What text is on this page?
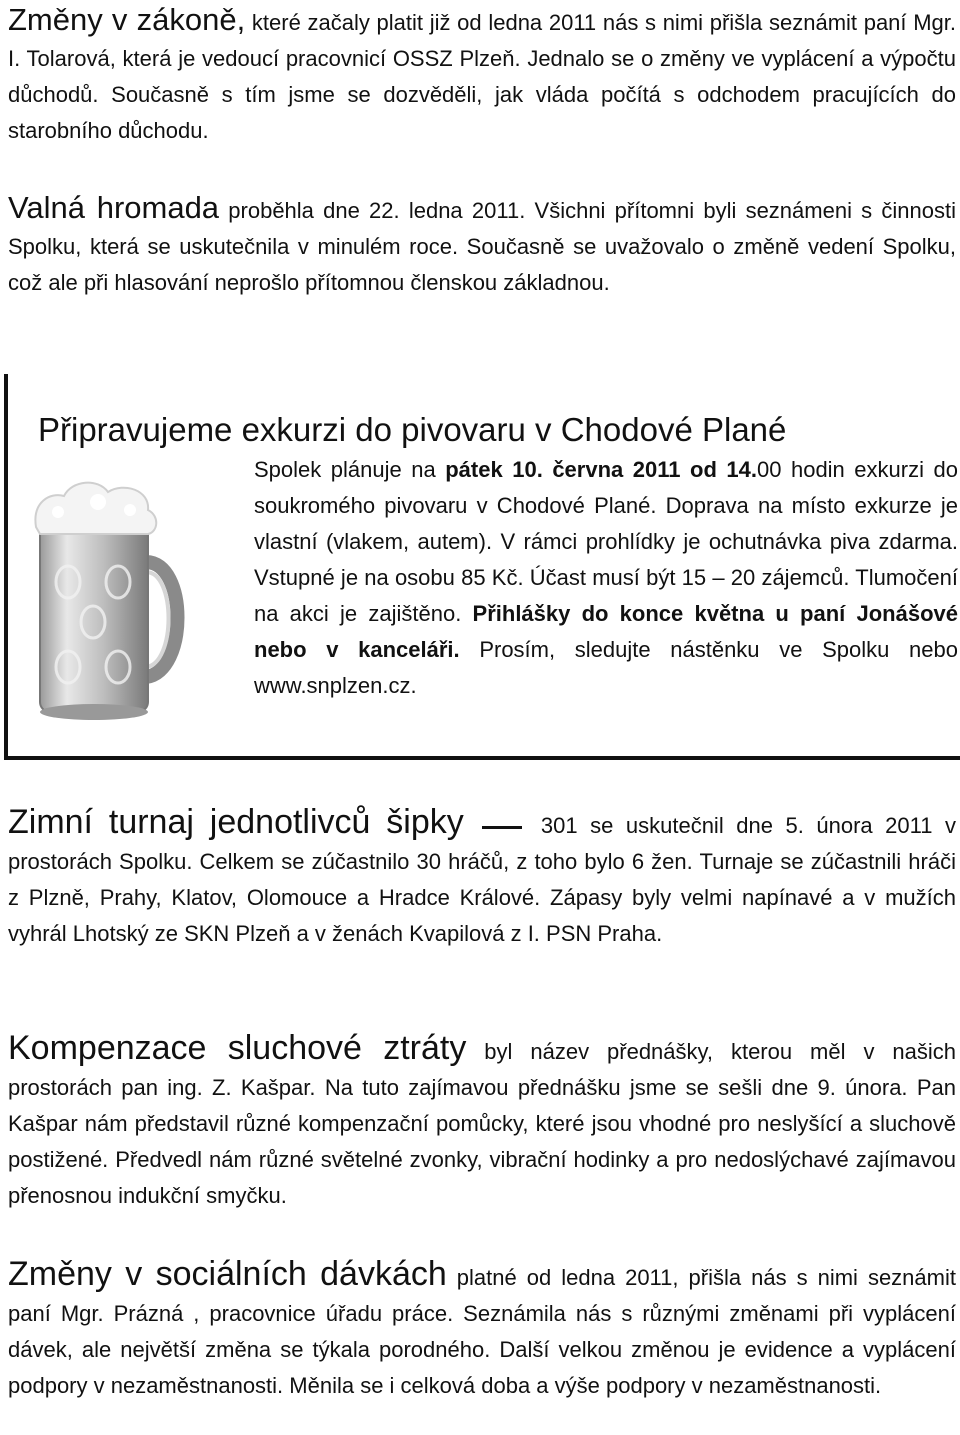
Změny v zákoně, které začaly platit již od ledna 2011 nás s nimi přišla seznámit paní Mgr. I. Tolarová, která je vedoucí pracovnicí OSSZ Plzeň. Jednalo se o změny ve vyplácení a výpočtu důchodů. Současně s tím jsme se dozvěděli, jak vláda počítá s odchodem pracujících do starobního důchodu.

Valná hromada proběhla dne 22. ledna 2011. Všichni přítomni byli seznámeni s činnosti Spolku, která se uskutečnila v minulém roce. Současně se uvažovalo o změně vedení Spolku, což ale při hlasování neprošlo přítomnou členskou základnou.

Připravujeme exkurzi do pivovaru v Chodové Plané

Spolek plánuje na pátek 10. června 2011 od 14.00 hodin exkurzi do soukromého pivovaru v Chodové Plané. Doprava na místo exkurze je vlastní (vlakem, autem). V rámci prohlídky je ochutnávka piva zdarma. Vstupné je na osobu 85 Kč. Účast musí být 15 – 20 zájemců. Tlumočení na akci je zajištěno. Přihlášky do konce května u paní Jonášové nebo v kanceláři. Prosím, sledujte nástěnku ve Spolku nebo www.snplzen.cz.

Zimní turnaj jednotlivců šipky	301 se uskutečnil dne 5. února 2011 v prostorách Spolku. Celkem se zúčastnilo 30 hráčů, z toho bylo 6 žen. Turnaje se zúčastnili hráči z Plzně, Prahy, Klatov, Olomouce a Hradce Králové. Zápasy byly velmi napínavé a v mužích vyhrál Lhotský ze SKN Plzeň a v ženách Kvapilová z I. PSN Praha.

Kompenzace sluchové ztráty byl název přednášky, kterou měl v našich prostorách pan ing. Z. Kašpar. Na tuto zajímavou přednášku jsme se sešli dne 9. února. Pan Kašpar nám představil různé kompenzační pomůcky, které jsou vhodné pro neslyšící a sluchově postižené. Předvedl nám různé světelné zvonky, vibrační hodinky a pro nedoslýchavé zajímavou přenosnou indukční smyčku.

Změny v sociálních dávkách platné od ledna 2011, přišla nás s nimi seznámit paní Mgr. Prázná , pracovnice úřadu práce. Seznámila nás s různými změnami při vyplácení dávek, ale největší změna se týkala porodného. Další velkou změnou je evidence a vyplácení podpory v nezaměstnanosti. Měnila se i celková doba a výše podpory v nezaměstnanosti.
